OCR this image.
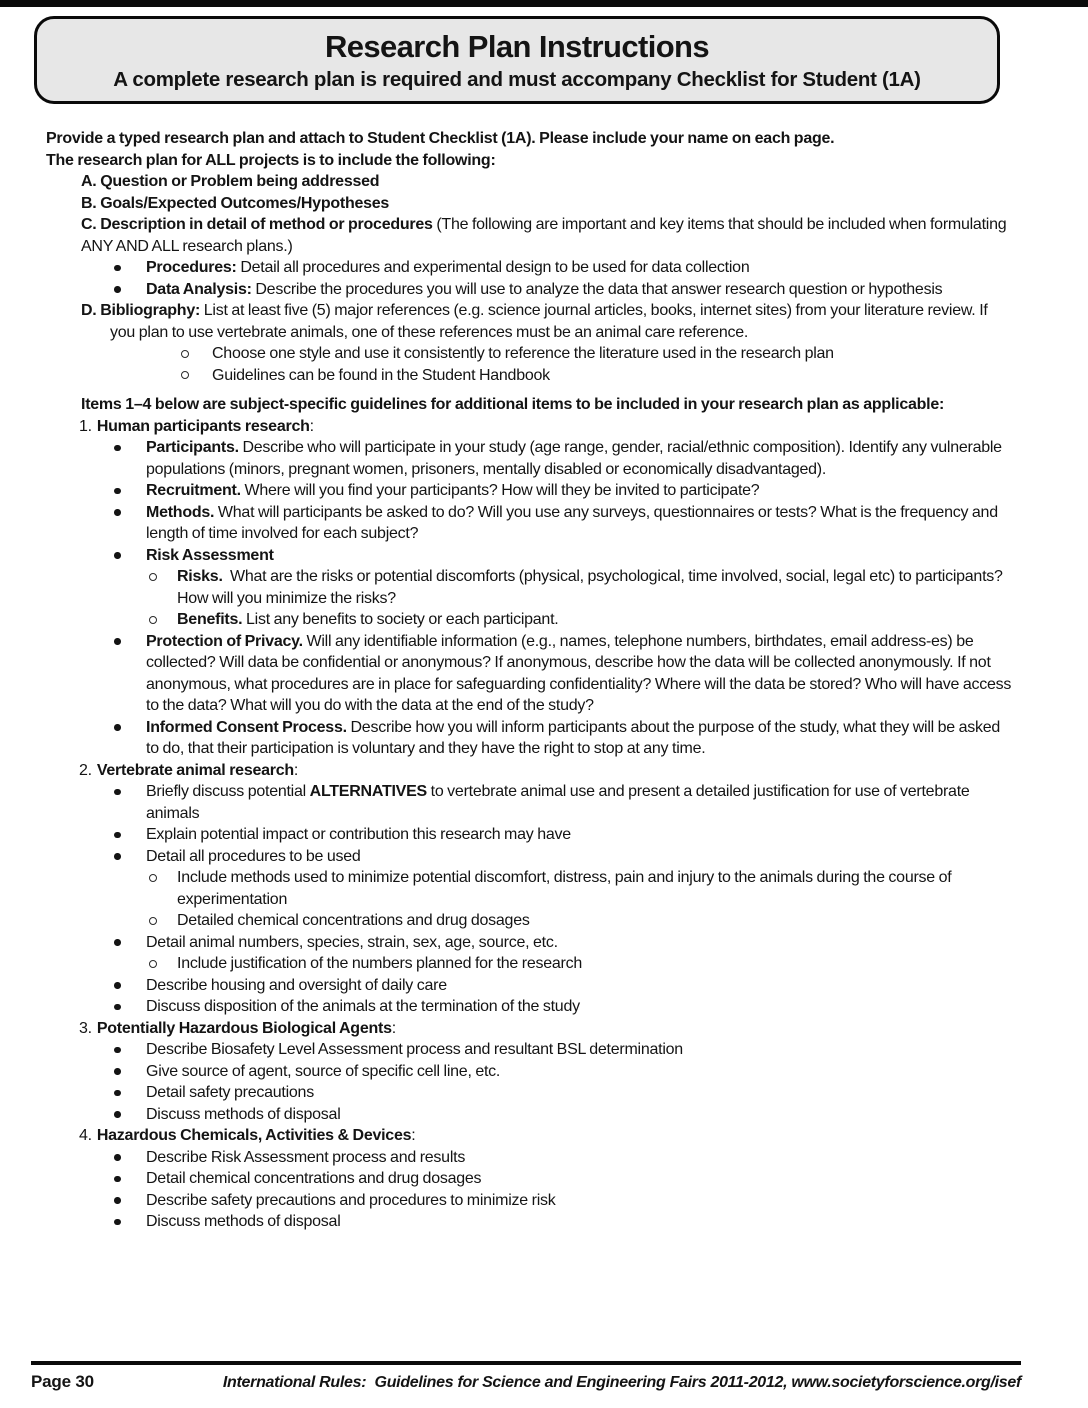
Research Plan Instructions
A complete research plan is required and must accompany Checklist for Student (1A)
Provide a typed research plan and attach to Student Checklist (1A). Please include your name on each page.
The research plan for ALL projects is to include the following:
A. Question or Problem being addressed
B. Goals/Expected Outcomes/Hypotheses
C. Description in detail of method or procedures (The following are important and key items that should be included when formulating ANY AND ALL research plans.)
Procedures: Detail all procedures and experimental design to be used for data collection
Data Analysis: Describe the procedures you will use to analyze the data that answer research question or hypothesis
D. Bibliography: List at least five (5) major references (e.g. science journal articles, books, internet sites) from your literature review. If you plan to use vertebrate animals, one of these references must be an animal care reference.
Choose one style and use it consistently to reference the literature used in the research plan
Guidelines can be found in the Student Handbook
Items 1–4 below are subject-specific guidelines for additional items to be included in your research plan as applicable:
1. Human participants research:
Participants. Describe who will participate in your study (age range, gender, racial/ethnic composition). Identify any vulnerable populations (minors, pregnant women, prisoners, mentally disabled or economically disadvantaged).
Recruitment. Where will you find your participants? How will they be invited to participate?
Methods. What will participants be asked to do? Will you use any surveys, questionnaires or tests? What is the frequency and length of time involved for each subject?
Risk Assessment
Risks.  What are the risks or potential discomforts (physical, psychological, time involved, social, legal etc) to participants?  How will you minimize the risks?
Benefits. List any benefits to society or each participant.
Protection of Privacy. Will any identifiable information (e.g., names, telephone numbers, birthdates, email address-es) be collected? Will data be confidential or anonymous? If anonymous, describe how the data will be collected anonymously. If not anonymous, what procedures are in place for safeguarding confidentiality? Where will the data be stored? Who will have access to the data? What will you do with the data at the end of the study?
Informed Consent Process. Describe how you will inform participants about the purpose of the study, what they will be asked to do, that their participation is voluntary and they have the right to stop at any time.
2. Vertebrate animal research:
Briefly discuss potential ALTERNATIVES to vertebrate animal use and present a detailed justification for use of vertebrate animals
Explain potential impact or contribution this research may have
Detail all procedures to be used
Include methods used to minimize potential discomfort, distress, pain and injury to the animals during the course of experimentation
Detailed chemical concentrations and drug dosages
Detail animal numbers, species, strain, sex, age, source, etc.
Include justification of the numbers planned for the research
Describe housing and oversight of daily care
Discuss disposition of the animals at the termination of the study
3. Potentially Hazardous Biological Agents:
Describe Biosafety Level Assessment process and resultant BSL determination
Give source of agent, source of specific cell line, etc.
Detail safety precautions
Discuss methods of disposal
4. Hazardous Chemicals, Activities & Devices:
Describe Risk Assessment process and results
Detail chemical concentrations and drug dosages
Describe safety precautions and procedures to minimize risk
Discuss methods of disposal
Page 30	International Rules:  Guidelines for Science and Engineering Fairs 2011-2012, www.societyforscience.org/isef
